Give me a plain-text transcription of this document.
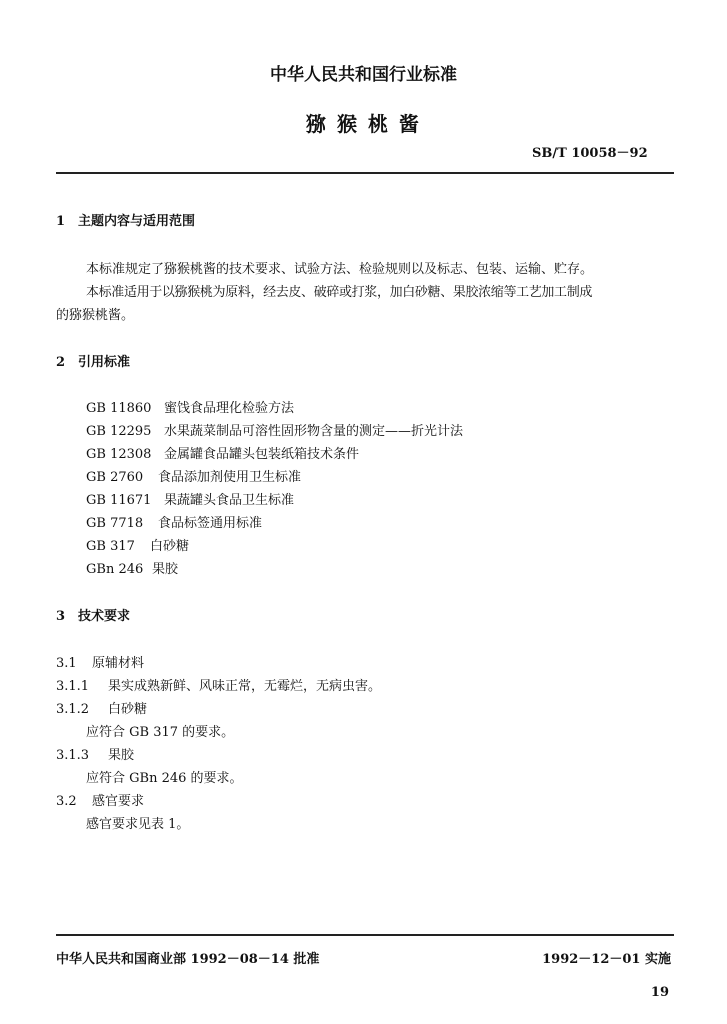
中华人民共和国行业标准
猕 猴 桃 酱
SB/T 10058－92
1 主题内容与适用范围
本标准规定了猕猴桃酱的技术要求、试验方法、检验规则以及标志、包装、运输、贮存。
本标准适用于以猕猴桃为原料，经去皮、破碎或打浆，加白砂糖、果胶浓缩等工艺加工制成
的猕猴桃酱。
2 引用标准
GB 11860 蜜饯食品理化检验方法
GB 12295 水果蔬菜制品可溶性固形物含量的测定——折光计法
GB 12308 金属罐食品罐头包装纸箱技术条件
GB 2760 食品添加剂使用卫生标准
GB 11671 果蔬罐头食品卫生标准
GB 7718 食品标签通用标准
GB 317 白砂糖
GBn 246 果胶
3 技术要求
3.1 原辅材料
3.1.1 果实成熟新鲜、风味正常，无霉烂，无病虫害。
3.1.2 白砂糖
应符合 GB 317 的要求。
3.1.3 果胶
应符合 GBn 246 的要求。
3.2 感官要求
感官要求见表 1。
中华人民共和国商业部 1992－08－14 批准	1992－12－01 实施
19
